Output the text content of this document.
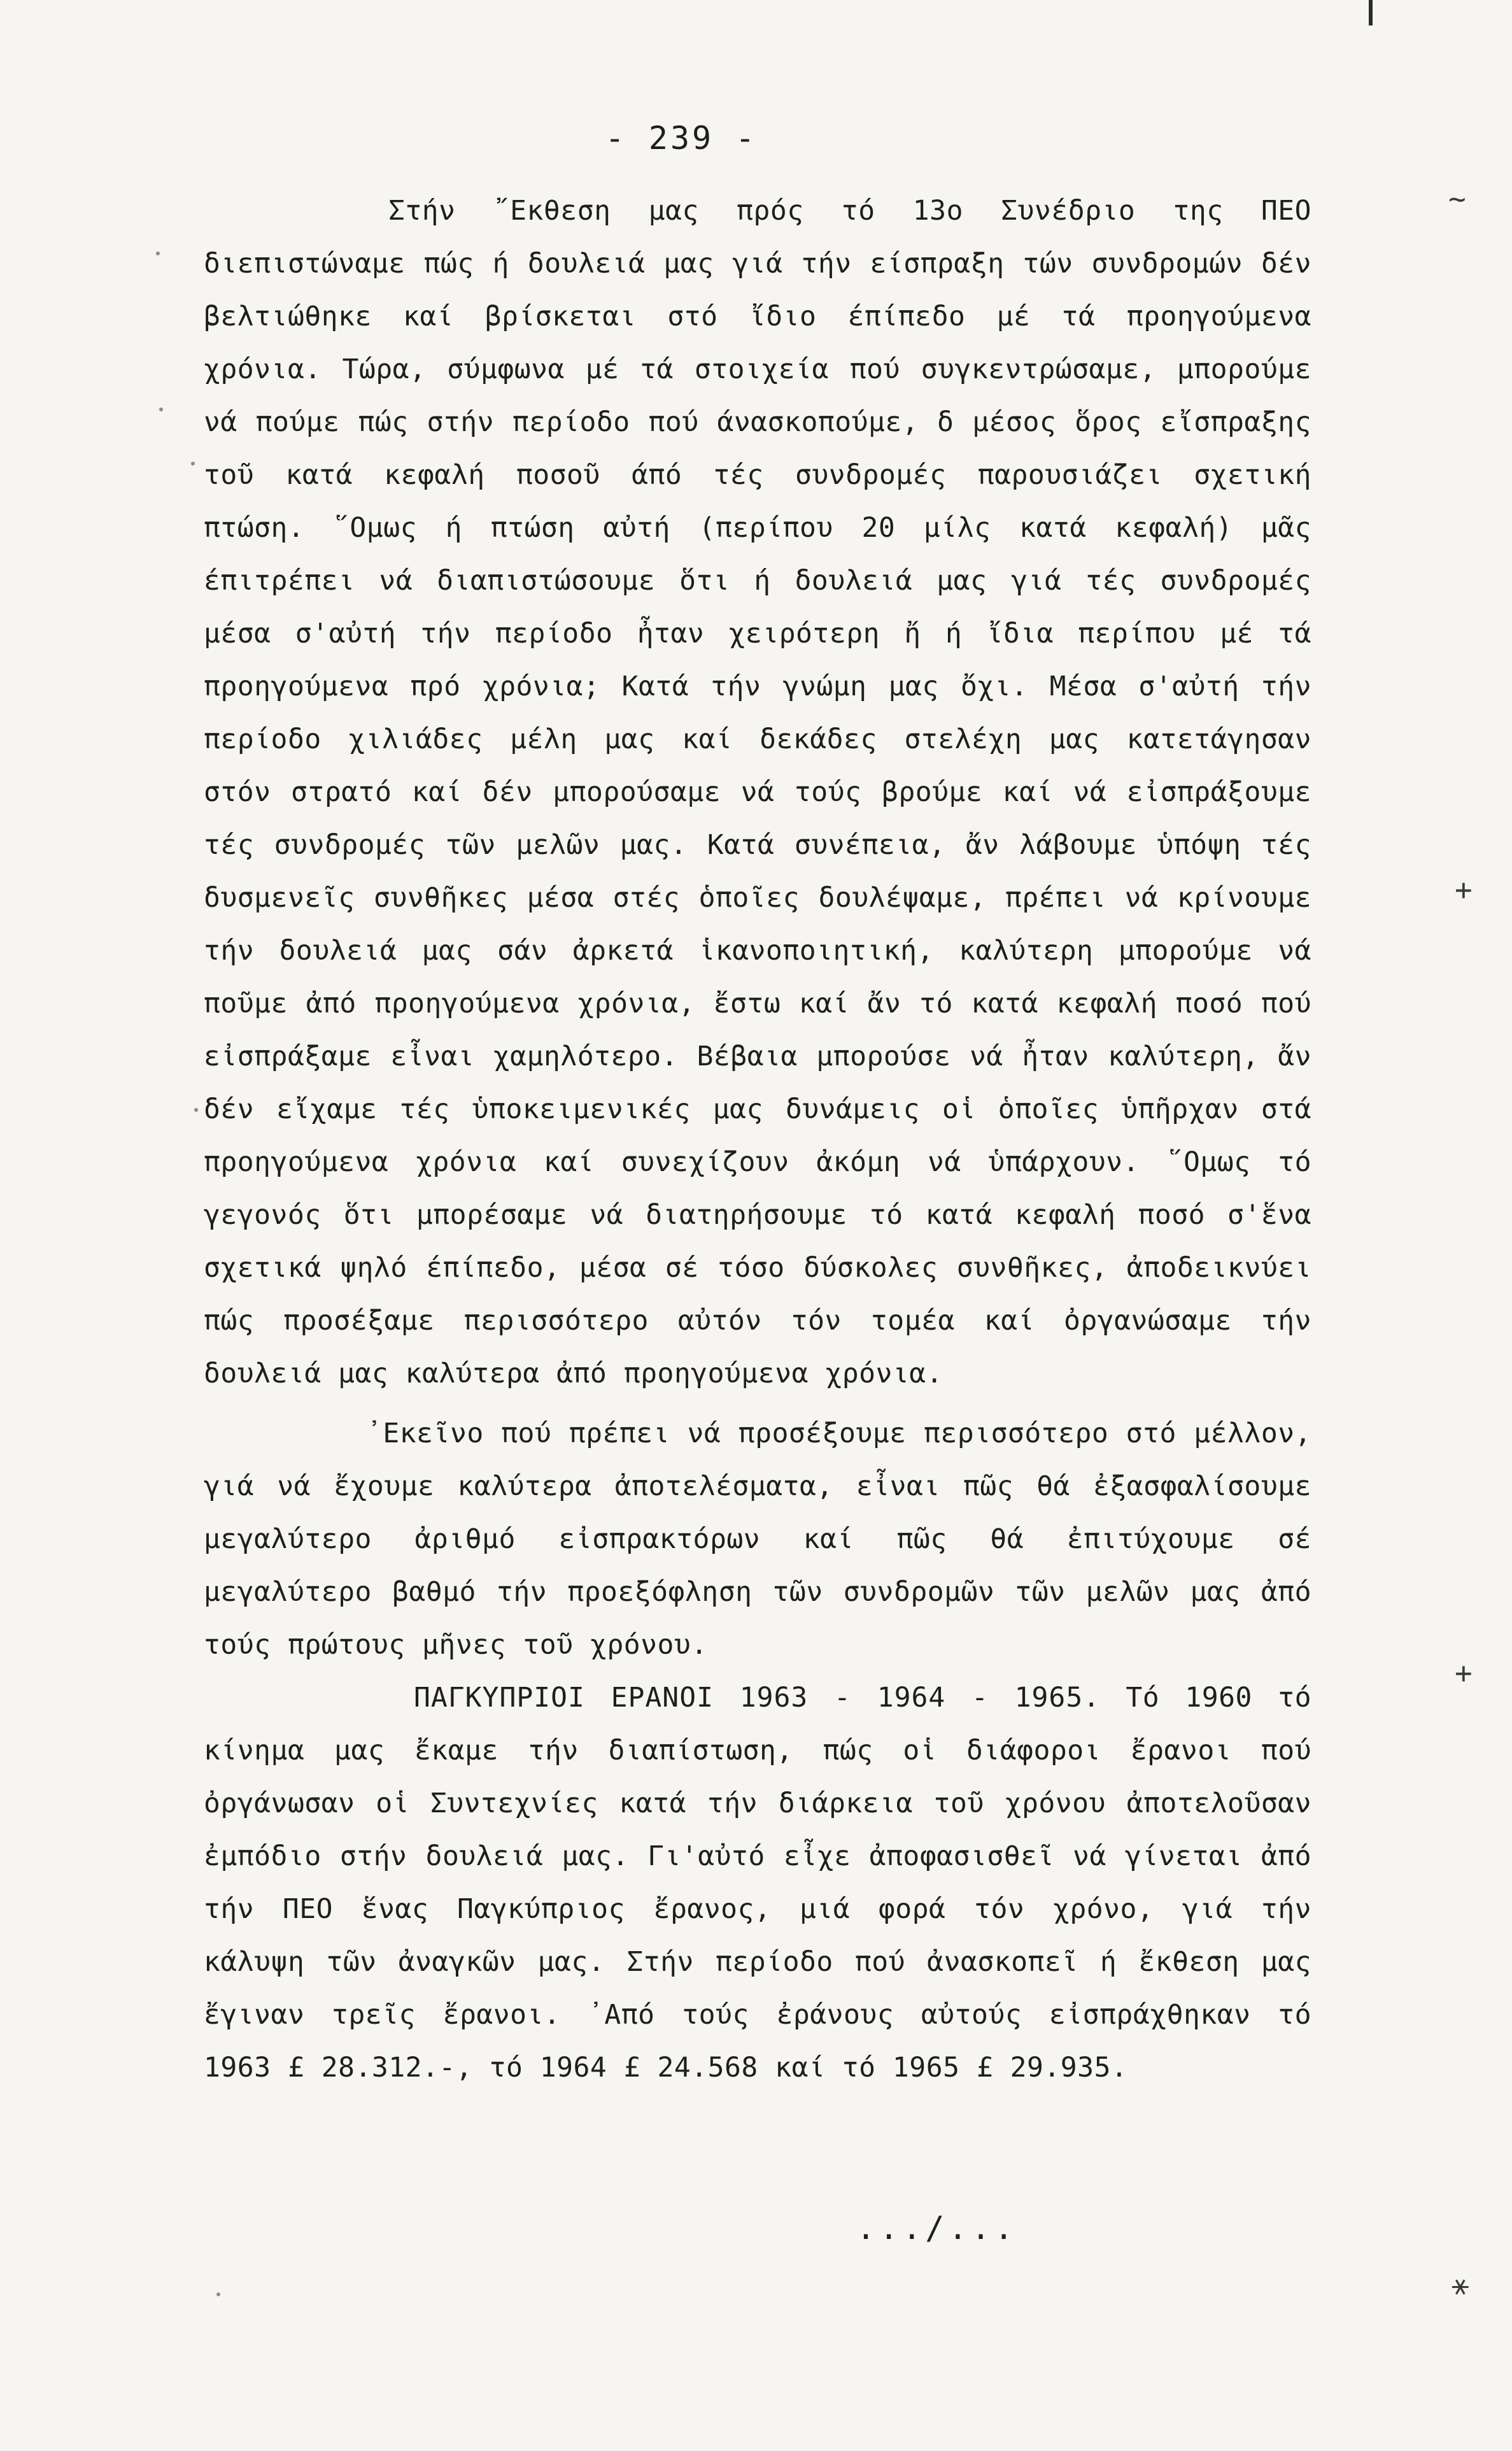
- 239 -
Στήν ῎Εκθεση μας πρός τό 13ο Συνέδριο της ΠΕΟ διεπιστώναμε πώς ή δουλειά μας γιά τήν είσπραξη τών συνδρομών δέν βελτιώθηκε καί βρίσκεται στό ἴδιο έπίπεδο μέ τά προηγούμενα χρόνια. Τώρα, σύμφωνα μέ τά στοιχεία πού συγκεντρώσαμε, μπορούμε νά πούμε πώς στήν περίοδο πού άνασκοπούμε, δ μέσος ὅρος εἴσπραξης τοῦ κατά κεφαλή ποσοῦ άπό τές συνδρομές παρουσιάζει σχετική πτώση. ῞Ομως ή πτώση αὐτή (περίπου 20 μίλς κατά κεφαλή) μᾶς έπιτρέπει νά διαπιστώσουμε ὅτι ή δουλειά μας γιά τές συνδρομές μέσα σ'αὐτή τήν περίοδο ἦταν χειρότερη ἤ ή ἴδια περίπου μέ τά προηγούμενα πρό χρόνια; Κατά τήν γνώμη μας ὄχι. Μέσα σ'αὐτή τήν περίοδο χιλιάδες μέλη μας καί δεκάδες στελέχη μας κατετάγησαν στόν στρατό καί δέν μπορούσαμε νά τούς βρούμε καί νά εἰσπράξουμε τές συνδρομές τῶν μελῶν μας. Κατά συνέπεια, ἄν λάβουμε ὑπόψη τές δυσμενεῖς συνθῆκες μέσα στές ὁποῖες δουλέψαμε, πρέπει νά κρίνουμε τήν δουλειά μας σάν ἀρκετά ἱκανοποιητική, καλύτερη μπορούμε νά ποῦμε ἀπό προηγούμενα χρόνια, ἔστω καί ἄν τό κατά κεφαλή ποσό πού εἰσπράξαμε εἶναι χαμηλότερο. Βέβαια μπορούσε νά ἦταν καλύτερη, ἄν δέν εἴχαμε τές ὑποκειμενικές μας δυνάμεις οἱ ὁποῖες ὑπῆρχαν στά προηγούμενα χρόνια καί συνεχίζουν ἀκόμη νά ὑπάρχουν. ῞Ομως τό γεγονός ὅτι μπορέσαμε νά διατηρήσουμε τό κατά κεφαλή ποσό σ'ἕνα σχετικά ψηλό έπίπεδο, μέσα σέ τόσο δύσκολες συνθῆκες, ἀποδεικνύει πώς προσέξαμε περισσότερο αὐτόν τόν τομέα καί ὀργανώσαμε τήν δουλειά μας καλύτερα ἀπό προηγούμενα χρόνια.
᾿Εκεῖνο πού πρέπει νά προσέξουμε περισσότερο στό μέλλον, γιά νά ἔχουμε καλύτερα ἀποτελέσματα, εἶναι πῶς θά ἐξασφαλίσουμε μεγαλύτερο ἀριθμό εἰσπρακτόρων καί πῶς θά ἐπιτύχουμε σέ μεγαλύτερο βαθμό τήν προεξόφληση τῶν συνδρομῶν τῶν μελῶν μας ἀπό τούς πρώτους μῆνες τοῦ χρόνου.
ΠΑΓΚΥΠΡΙΟΙ ΕΡΑΝΟΙ 1963 - 1964 - 1965. Τό 1960 τό κίνημα μας ἔκαμε τήν διαπίστωση, πώς οἱ διάφοροι ἔρανοι πού ὀργάνωσαν οἱ Συντεχνίες κατά τήν διάρκεια τοῦ χρόνου ἀποτελοῦσαν ἐμπόδιο στήν δουλειά μας. Γι'αὐτό εἶχε ἀποφασισθεῖ νά γίνεται ἀπό τήν ΠΕΟ ἕνας Παγκύπριος ἔρανος, μιά φορά τόν χρόνο, γιά τήν κάλυψη τῶν ἀναγκῶν μας. Στήν περίοδο πού ἀνασκοπεῖ ή ἔκθεση μας ἔγιναν τρεῖς ἔρανοι. ᾿Από τούς ἐράνους αὐτούς εἰσπράχθηκαν τό 1963 £ 28.312.-, τό 1964 £ 24.568 καί τό 1965 £ 29.935.
.../...
~
+
+
⚹
